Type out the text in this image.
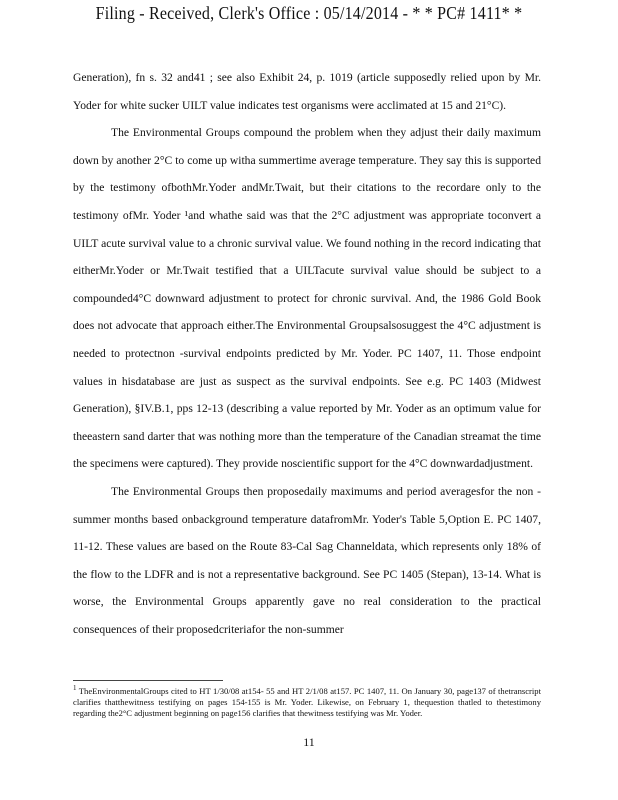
Filing - Received, Clerk's Office : 05/14/2014 - * * PC# 1411* *

Generation), fn s. 32 and41 ; see also Exhibit 24, p. 1019 (article supposedly relied upon by Mr. Yoder for white sucker UILT value indicates test organisms were acclimated at 15 and 21°C).

The Environmental Groups compound the problem when they adjust their daily maximum down by another 2°C to come up witha summertime average temperature. They say this is supported by the testimony ofbothMr.Yoder andMr.Twait, but their citations to the recordare only to the testimony ofMr. Yoder ¹and whathe said was that the 2°C adjustment was appropriate toconvert a UILT acute survival value to a chronic survival value. We found nothing in the record indicating that eitherMr.Yoder or Mr.Twait testified that a UILTacute survival value should be subject to a compounded4°C downward adjustment to protect for chronic survival. And, the 1986 Gold Book does not advocate that approach either.The Environmental Groupsalsosuggest the 4°C adjustment is needed to protectnon -survival endpoints predicted by Mr. Yoder. PC 1407, 11. Those endpoint values in hisdatabase are just as suspect as the survival endpoints. See e.g. PC 1403 (Midwest Generation), §IV.B.1, pps 12-13 (describing a value reported by Mr. Yoder as an optimum value for theeastern sand darter that was nothing more than the temperature of the Canadian streamat the time the specimens were captured). They provide noscientific support for the 4°C downwardadjustment.

The Environmental Groups then proposedaily maximums and period averagesfor the non -summer months based onbackground temperature datafromMr. Yoder's Table 5,Option E. PC 1407, 11-12. These values are based on the Route 83-Cal Sag Channeldata, which represents only 18% of the flow to the LDFR and is not a representative background. See PC 1405 (Stepan), 13-14. What is worse, the Environmental Groups apparently gave no real consideration to the practical consequences of their proposedcriteriafor the non-summer

$^1$ TheEnvironmentalGroups cited to HT 1/30/08 at154- 55 and HT 2/1/08 at157. PC 1407, 11. On January 30, page137 of thetranscript clarifies thatthewitness testifying on pages 154-155 is Mr. Yoder. Likewise, on February 1, thequestion thatled to thetestimony regarding the2°C adjustment beginning on page156 clarifies that thewitness testifying was Mr. Yoder.

11
